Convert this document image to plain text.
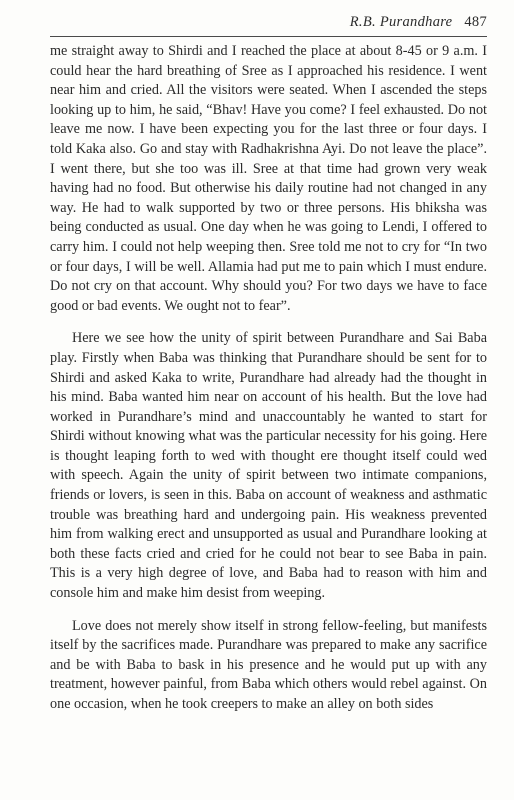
R.B. Purandhare 487

me straight away to Shirdi and I reached the place at about 8-45 or 9 a.m. I could hear the hard breathing of Sree as I approached his residence. I went near him and cried. All the visitors were seated. When I ascended the steps looking up to him, he said, “Bhav! Have you come? I feel exhausted. Do not leave me now. I have been expecting you for the last three or four days. I told Kaka also. Go and stay with Radhakrishna Ayi. Do not leave the place”. I went there, but she too was ill. Sree at that time had grown very weak having had no food. But otherwise his daily routine had not changed in any way. He had to walk supported by two or three persons. His bhiksha was being conducted as usual. One day when he was going to Lendi, I offered to carry him. I could not help weeping then. Sree told me not to cry for “In two or four days, I will be well. Allamia had put me to pain which I must endure. Do not cry on that account. Why should you? For two days we have to face good or bad events. We ought not to fear”.

Here we see how the unity of spirit between Purandhare and Sai Baba play. Firstly when Baba was thinking that Purandhare should be sent for to Shirdi and asked Kaka to write, Purandhare had already had the thought in his mind. Baba wanted him near on account of his health. But the love had worked in Purandhare’s mind and unaccountably he wanted to start for Shirdi without knowing what was the particular necessity for his going. Here is thought leaping forth to wed with thought ere thought itself could wed with speech. Again the unity of spirit between two intimate companions, friends or lovers, is seen in this. Baba on account of weakness and asthmatic trouble was breathing hard and undergoing pain. His weakness prevented him from walking erect and unsupported as usual and Purandhare looking at both these facts cried and cried for he could not bear to see Baba in pain. This is a very high degree of love, and Baba had to reason with him and console him and make him desist from weeping.

Love does not merely show itself in strong fellow-feeling, but manifests itself by the sacrifices made. Purandhare was prepared to make any sacrifice and be with Baba to bask in his presence and he would put up with any treatment, however painful, from Baba which others would rebel against. On one occasion, when he took creepers to make an alley on both sides
